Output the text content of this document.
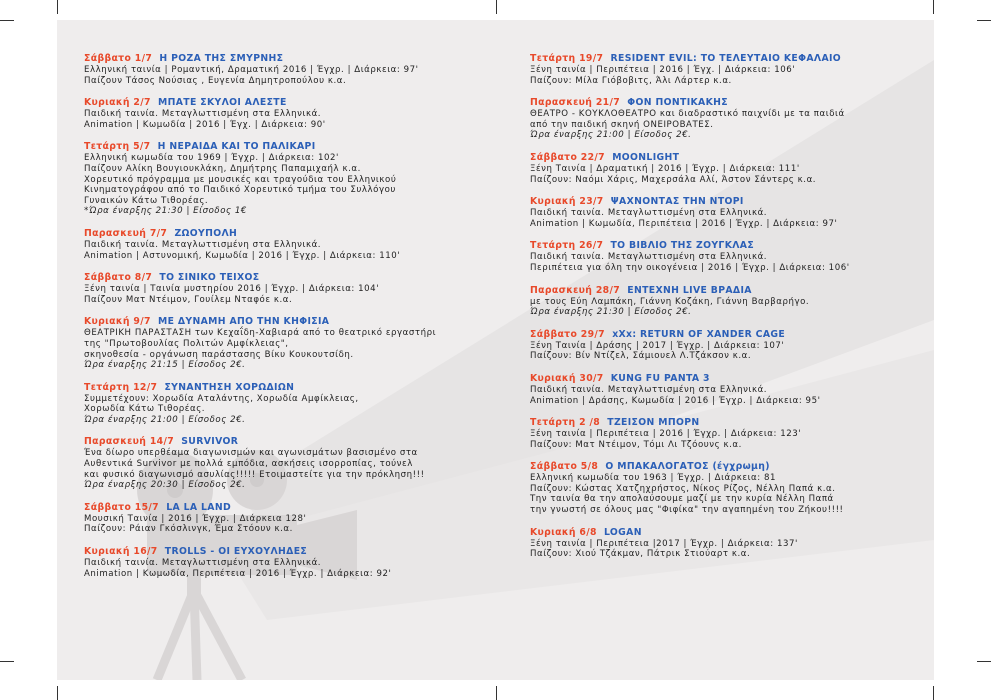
Σάββατο 1/7 Η ΡΟΖΑ ΤΗΣ ΣΜΥΡΝΗΣ
Ελληνική ταινία | Ρομαντική, Δραματική 2016 | Έγχρ. | Διάρκεια: 97'
Παίζουν Τάσος Νούσιας , Ευγενία Δημητροπούλου κ.α.
Κυριακή 2/7 ΜΠΑΤΕ ΣΚΥΛΟΙ ΑΛΕΣΤΕ
Παιδική ταινία. Μεταγλωττισμένη στα Ελληνικά.
Animation | Κωμωδία | 2016 | Έγχ. | Διάρκεια: 90'
Τετάρτη 5/7 Η ΝΕΡΑΙΔΑ ΚΑΙ ΤΟ ΠΑΛΙΚΑΡΙ
Ελληνική κωμωδία του 1969 | Έγχρ. | Διάρκεια: 102'
Παίζουν Αλίκη Βουγιουκλάκη, Δημήτρης Παπαμιχαήλ κ.α.
Χορευτικό πρόγραμμα με μουσικές και τραγούδια του Ελληνικού
Κινηματογράφου από το Παιδικό Χορευτικό τμήμα του Συλλόγου
Γυναικών Κάτω Τιθορέας.
*Ώρα έναρξης 21:30 | Είσοδος 1€
Παρασκευή 7/7 ΖΩΟΥΠΟΛΗ
Παιδική ταινία. Μεταγλωττισμένη στα Ελληνικά.
Animation | Αστυνομική, Κωμωδία | 2016 | Έγχρ. | Διάρκεια: 110'
Σάββατο 8/7 ΤΟ ΣΙΝΙΚΟ ΤΕΙΧΟΣ
Ξένη ταινία | Ταινία μυστηρίου 2016 | Έγχρ. | Διάρκεια: 104'
Παίζουν Ματ Ντέιμον, Γουίλεμ Νταφόε κ.α.
Κυριακή 9/7 ΜΕ ΔΥΝΑΜΗ ΑΠΟ ΤΗΝ ΚΗΦΙΣΙΑ
ΘΕΑΤΡΙΚΗ ΠΑΡΑΣΤΑΣΗ των Κεχαΐδη-Χαβιαρά από το θεατρικό εργαστήρι
της "Πρωτοβουλίας Πολιτών Αμφίκλειας",
σκηνοθεσία - οργάνωση παράστασης Βίκυ Κουκουτσίδη.
Ώρα έναρξης 21:15 | Είσοδος 2€.
Τετάρτη 12/7 ΣΥΝΑΝΤΗΣΗ ΧΟΡΩΔΙΩΝ
Συμμετέχουν: Χορωδία Αταλάντης, Χορωδία Αμφίκλειας,
Χορωδία Κάτω Τιθορέας.
Ώρα έναρξης 21:00 | Είσοδος 2€.
Παρασκευή 14/7 SURVIVOR
Ένα δίωρο υπερθέαμα διαγωνισμών και αγωνισμάτων βασισμένο στα
Αυθεντικά Survivor με πολλά εμπόδια, ασκήσεις ισορροπίας, τούνελ
και φυσικό διαγωνισμό ασυλίας!!!!! Ετοιμαστείτε για την πρόκληση!!!
Ώρα έναρξης 20:30 | Είσοδος 2€.
Σάββατο 15/7 LA LA LAND
Μουσική Ταινία | 2016 | Έγχρ. | Διάρκεια 128'
Παίζουν: Ράιαν Γκόσλινγκ, Έμα Στόουν κ.α.
Κυριακή 16/7 TROLLS - ΟΙ ΕΥΧΟΥΛΗΔΕΣ
Παιδική ταινία. Μεταγλωττισμένη στα Ελληνικά.
Animation | Κωμωδία, Περιπέτεια | 2016 | Έγχρ. | Διάρκεια: 92'
Τετάρτη 19/7 RESIDENT EVIL: ΤΟ ΤΕΛΕΥΤΑΙΟ ΚΕΦΑΛΑΙΟ
Ξένη ταινία | Περιπέτεια | 2016 | Έγχ. | Διάρκεια: 106'
Παίζουν: Μίλα Γιόβοβιτς, Άλι Λάρτερ κ.α.
Παρασκευή 21/7 ΦΟΝ ΠΟΝΤΙΚΑΚΗΣ
ΘΕΑΤΡΟ - ΚΟΥΚΛΟΘΕΑΤΡΟ και διαδραστικό παιχνίδι με τα παιδιά
από την παιδική σκηνή ΟΝΕΙΡΟΒΑΤΕΣ.
Ώρα έναρξης 21:00 | Είσοδος 2€.
Σάββατο 22/7 MOONLIGHT
Ξένη Ταινία | Δραματική | 2016 | Έγχρ. | Διάρκεια: 111'
Παίζουν: Ναόμι Χάρις, Μαχερσάλα Αλί, Άστον Σάντερς κ.α.
Κυριακή 23/7 ΨΑΧΝΟΝΤΑΣ ΤΗΝ ΝΤΟΡΙ
Παιδική ταινία. Μεταγλωττισμένη στα Ελληνικά.
Animation | Κωμωδία, Περιπέτεια | 2016 | Έγχρ. | Διάρκεια: 97'
Τετάρτη 26/7 ΤΟ ΒΙΒΛΙΟ ΤΗΣ ΖΟΥΓΚΛΑΣ
Παιδική ταινία. Μεταγλωττισμένη στα Ελληνικά.
Περιπέτεια για όλη την οικογένεια | 2016 | Έγχρ. | Διάρκεια: 106'
Παρασκευή 28/7 ΕΝΤΕΧΝΗ LIVE ΒΡΑΔΙΑ
με τους Εύη Λαμπάκη, Γιάννη Κοζάκη, Γιάννη Βαρβαρήγο.
Ώρα έναρξης 21:30 | Είσοδος 2€.
Σάββατο 29/7 xXx: RETURN OF XANDER CAGE
Ξένη Ταινία | Δράσης | 2017 | Έγχρ. | Διάρκεια: 107'
Παίζουν: Βίν Ντίζελ, Σάμιουελ Λ.Τζάκσον κ.α.
Κυριακή 30/7 KUNG FU PANTA 3
Παιδική ταινία. Μεταγλωττισμένη στα Ελληνικά.
Animation | Δράσης, Κωμωδία | 2016 | Έγχρ. | Διάρκεια: 95'
Τετάρτη 2 /8 ΤΖΕΙΣΟΝ ΜΠΟΡΝ
Ξένη ταινία | Περιπέτεια | 2016 | Έγχρ. | Διάρκεια: 123'
Παίζουν: Ματ Ντέιμον, Τόμι Λι Τζόουνς κ.α.
Σάββατο 5/8 Ο ΜΠΑΚΑΛΟΓΑΤΟΣ (έγχρωμη)
Ελληνική κωμωδία του 1963 | Έγχρ. | Διάρκεια: 81
Παίζουν: Κώστας Χατζηχρήστος, Νίκος Ρίζος, Νέλλη Παπά κ.α.
Την ταινία θα την απολαύσουμε μαζί με την κυρία Νέλλη Παπά
την γνωστή σε όλους μας "Φιφίκα" την αγαπημένη του Ζήκου!!!!
Κυριακή 6/8 LOGAN
Ξένη ταινία | Περιπέτεια |2017 | Έγχρ. | Διάρκεια: 137'
Παίζουν: Χιού Τζάκμαν, Πάτρικ Στιούαρτ κ.α.
